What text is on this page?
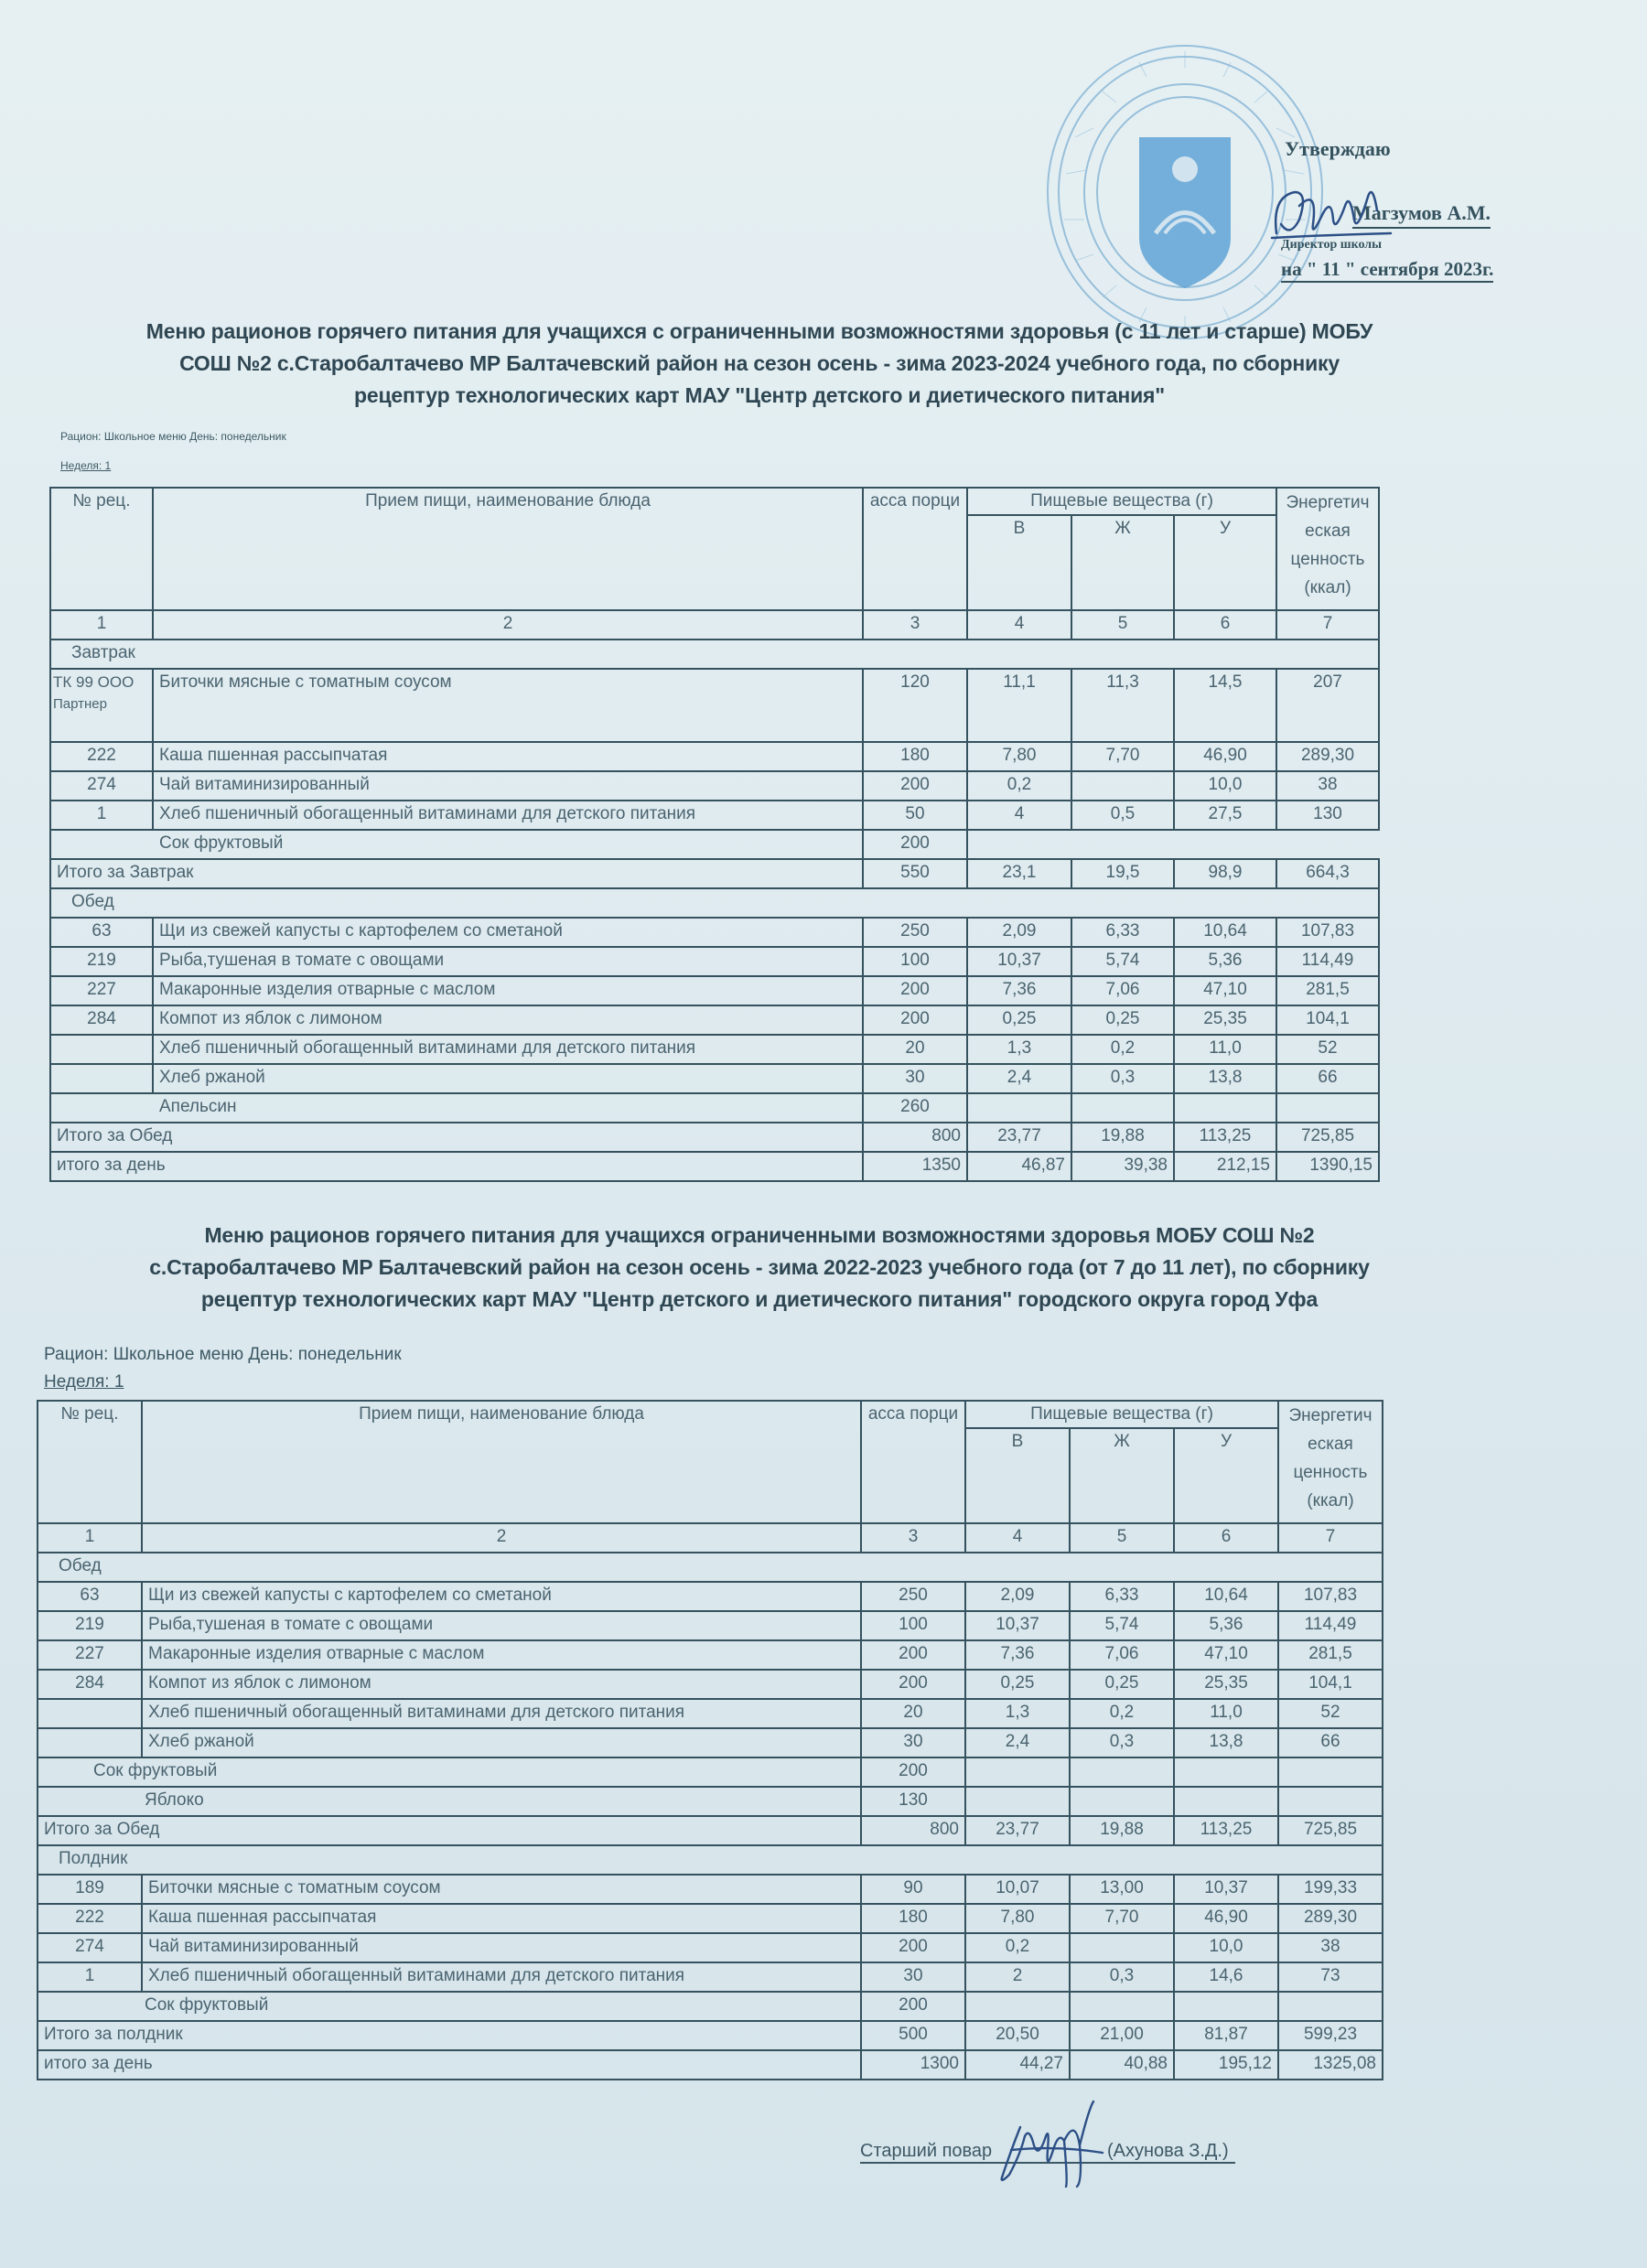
Утверждаю
Магзумов А.М.
Директор школы
на " 11 " сентября 2023г.
Меню рационов горячего питания для учащихся с ограниченными возможностями здоровья (с 11 лет и старше) МОБУ
СОШ №2 с.Старобалтачево МР Балтачевский район на сезон осень - зима 2023-2024 учебного года, по сборнику
рецептур технологических карт МАУ "Центр детского и диетического питания"
Рацион: Школьное меню День: понедельник
Неделя: 1
№ рец.	Прием пищи, наименование блюда	асса порци	Пищевые вещества (г)	Энергетич
еская
ценность
(ккал)

В	Ж	У
1	2	3	4	5	6	7
Завтрак

ТК 99 ООО
Партнер
	Биточки мясные с томатным соусом	120	11,1	11,3	14,5	207
222	Каша пшенная рассыпчатая	180	7,80	7,70	46,90	289,30
274	Чай витаминизированный	200	0,2		10,0	38
1	Хлеб пшеничный обогащенный витаминами для детского питания	50	4	0,5	27,5	130
Сок фруктовый	200	
Итого за Завтрак	550	23,1	19,5	98,9	664,3
Обед
63	Щи из свежей капусты с картофелем со сметаной	250	2,09	6,33	10,64	107,83
219	Рыба,тушеная в томате с овощами	100	10,37	5,74	5,36	114,49
227	Макаронные изделия отварные с маслом	200	7,36	7,06	47,10	281,5
284	Компот из яблок с лимоном	200	0,25	0,25	25,35	104,1
	Хлеб пшеничный обогащенный витаминами для детского питания	20	1,3	0,2	11,0	52
	Хлеб ржаной	30	2,4	0,3	13,8	66
Апельсин	260				
Итого за Обед	800	23,77	19,88	113,25	725,85
итого за день	1350	46,87	39,38	212,15	1390,15
Меню рационов горячего питания для учащихся ограниченными возможностями здоровья МОБУ СОШ №2
с.Старобалтачево МР Балтачевский район на сезон осень - зима 2022-2023 учебного года (от 7 до 11 лет), по сборнику
рецептур технологических карт МАУ "Центр детского и диетического питания" городского округа город Уфа
Рацион: Школьное меню День: понедельник
Неделя: 1
№ рец.	Прием пищи, наименование блюда	асса порци	Пищевые вещества (г)	Энергетич
еская
ценность
(ккал)

В	Ж	У
1	2	3	4	5	6	7
Обед
63	Щи из свежей капусты с картофелем со сметаной	250	2,09	6,33	10,64	107,83
219	Рыба,тушеная в томате с овощами	100	10,37	5,74	5,36	114,49
227	Макаронные изделия отварные с маслом	200	7,36	7,06	47,10	281,5
284	Компот из яблок с лимоном	200	0,25	0,25	25,35	104,1
	Хлеб пшеничный обогащенный витаминами для детского питания	20	1,3	0,2	11,0	52
	Хлеб ржаной	30	2,4	0,3	13,8	66
Сок фруктовый	200				
Яблоко	130				
Итого за Обед	800	23,77	19,88	113,25	725,85
Полдник
189	Биточки мясные с томатным соусом	90	10,07	13,00	10,37	199,33
222	Каша пшенная рассыпчатая	180	7,80	7,70	46,90	289,30
274	Чай витаминизированный	200	0,2		10,0	38
1	Хлеб пшеничный обогащенный витаминами для детского питания	30	2	0,3	14,6	73
Сок фруктовый	200				
Итого за полдник	500	20,50	21,00	81,87	599,23
итого за день	1300	44,27	40,88	195,12	1325,08
Старший повар	(Ахунова З.Д.)
